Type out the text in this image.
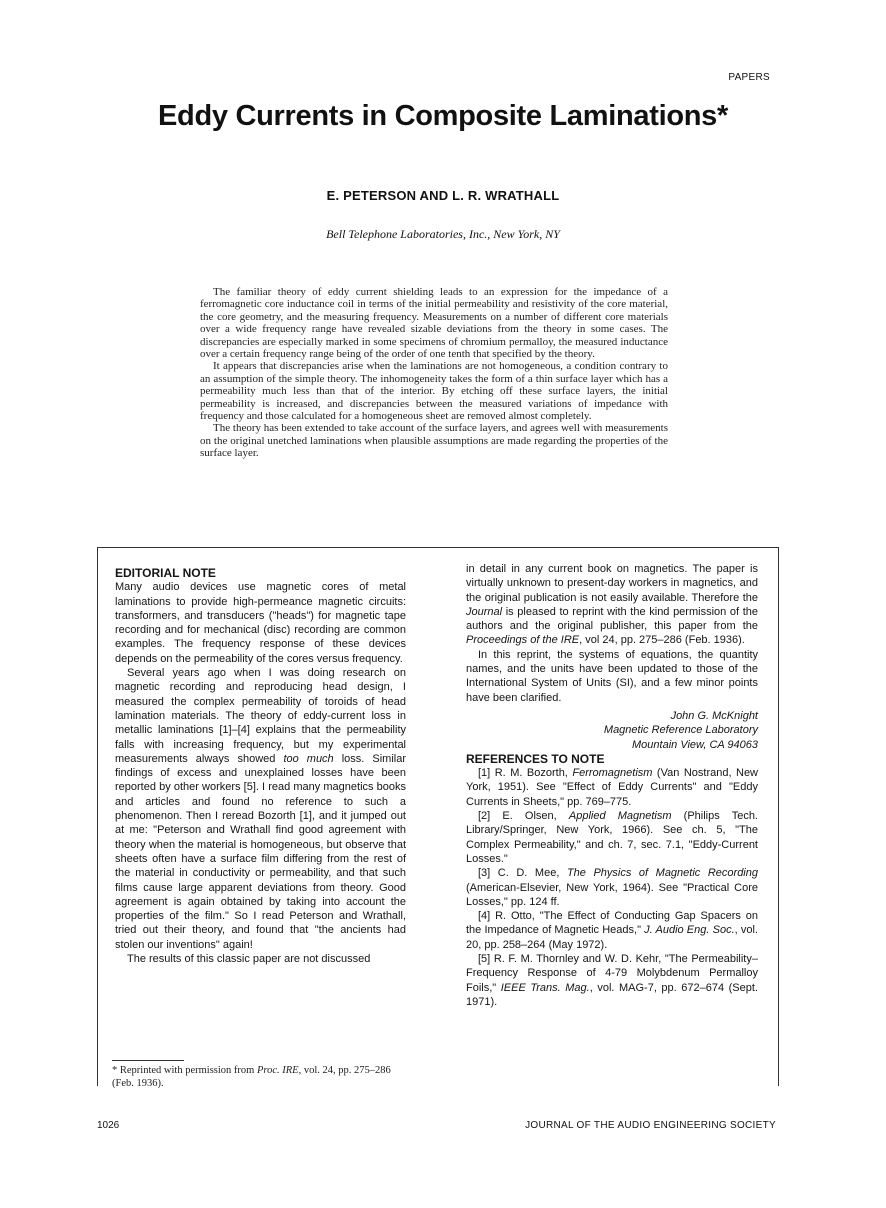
PAPERS
Eddy Currents in Composite Laminations*
E. PETERSON AND L. R. WRATHALL
Bell Telephone Laboratories, Inc., New York, NY

The familiar theory of eddy current shielding leads to an expression for the impedance of a ferromagnetic core inductance coil in terms of the initial permeability and resistivity of the core material, the core geometry, and the measuring frequency. Measurements on a number of different core materials over a wide frequency range have revealed sizable deviations from the theory in some cases. The discrepancies are especially marked in some specimens of chromium permalloy, the measured inductance over a certain frequency range being of the order of one tenth that specified by the theory.

It appears that discrepancies arise when the laminations are not homogeneous, a condition contrary to an assumption of the simple theory. The inhomogeneity takes the form of a thin surface layer which has a permeability much less than that of the interior. By etching off these surface layers, the initial permeability is increased, and discrepancies between the measured variations of impedance with frequency and those calculated for a homogeneous sheet are removed almost completely.

The theory has been extended to take account of the surface layers, and agrees well with measurements on the original unetched laminations when plausible assumptions are made regarding the properties of the surface layer.

EDITORIAL NOTE

Many audio devices use magnetic cores of metal laminations to provide high-permeance magnetic circuits: transformers, and transducers ("heads") for magnetic tape recording and for mechanical (disc) recording are common examples. The frequency response of these devices depends on the permeability of the cores versus frequency.

Several years ago when I was doing research on magnetic recording and reproducing head design, I measured the complex permeability of toroids of head lamination materials. The theory of eddy-current loss in metallic laminations [1]–[4] explains that the permeability falls with increasing frequency, but my experimental measurements always showed too much loss. Similar findings of excess and unexplained losses have been reported by other workers [5]. I read many magnetics books and articles and found no reference to such a phenomenon. Then I reread Bozorth [1], and it jumped out at me: "Peterson and Wrathall find good agreement with theory when the material is homogeneous, but observe that sheets often have a surface film differing from the rest of the material in conductivity or permeability, and that such films cause large apparent deviations from theory. Good agreement is again obtained by taking into account the properties of the film." So I read Peterson and Wrathall, tried out their theory, and found that "the ancients had stolen our inventions" again!

The results of this classic paper are not discussed

in detail in any current book on magnetics. The paper is virtually unknown to present-day workers in magnetics, and the original publication is not easily available. Therefore the Journal is pleased to reprint with the kind permission of the authors and the original publisher, this paper from the Proceedings of the IRE, vol 24, pp. 275–286 (Feb. 1936).

In this reprint, the systems of equations, the quantity names, and the units have been updated to those of the International System of Units (SI), and a few minor points have been clarified.

John G. McKnight
Magnetic Reference Laboratory
Mountain View, CA 94063

REFERENCES TO NOTE

[1] R. M. Bozorth, Ferromagnetism (Van Nostrand, New York, 1951). See "Effect of Eddy Currents" and "Eddy Currents in Sheets," pp. 769–775.

[2] E. Olsen, Applied Magnetism (Philips Tech. Library/Springer, New York, 1966). See ch. 5, "The Complex Permeability," and ch. 7, sec. 7.1, "Eddy-Current Losses."

[3] C. D. Mee, The Physics of Magnetic Recording (American-Elsevier, New York, 1964). See "Practical Core Losses," pp. 124 ff.

[4] R. Otto, "The Effect of Conducting Gap Spacers on the Impedance of Magnetic Heads," J. Audio Eng. Soc., vol. 20, pp. 258–264 (May 1972).

[5] R. F. M. Thornley and W. D. Kehr, "The Permeability–Frequency Response of 4-79 Molybdenum Permalloy Foils," IEEE Trans. Mag., vol. MAG-7, pp. 672–674 (Sept. 1971).

* Reprinted with permission from Proc. IRE, vol. 24, pp. 275–286 (Feb. 1936).
1026	JOURNAL OF THE AUDIO ENGINEERING SOCIETY
